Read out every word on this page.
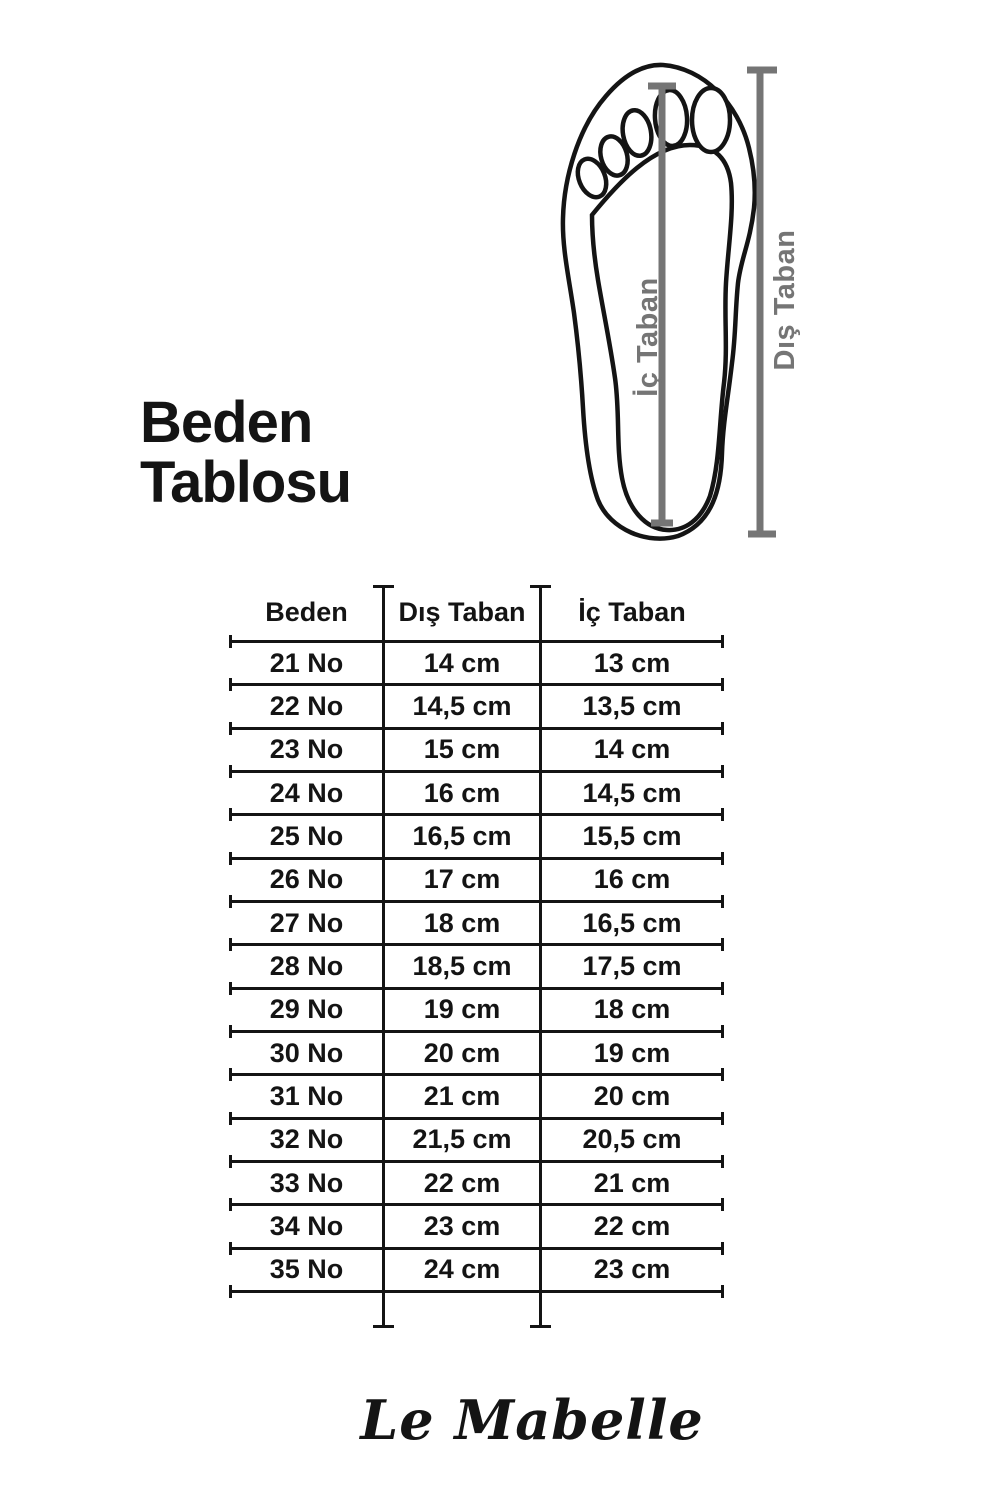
Beden
Tablosu
İç Taban	Dış Taban
Beden	Dış Taban	İç Taban
21 No	14 cm	13 cm
22 No	14,5 cm	13,5 cm
23 No	15 cm	14 cm
24 No	16 cm	14,5 cm
25 No	16,5 cm	15,5 cm
26 No	17 cm	16 cm
27 No	18 cm	16,5 cm
28 No	18,5 cm	17,5 cm
29 No	19 cm	18 cm
30 No	20 cm	19 cm
31 No	21 cm	20 cm
32 No	21,5 cm	20,5 cm
33 No	22 cm	21 cm
34 No	23 cm	22 cm
35 No	24 cm	23 cm
Le Mabelle
